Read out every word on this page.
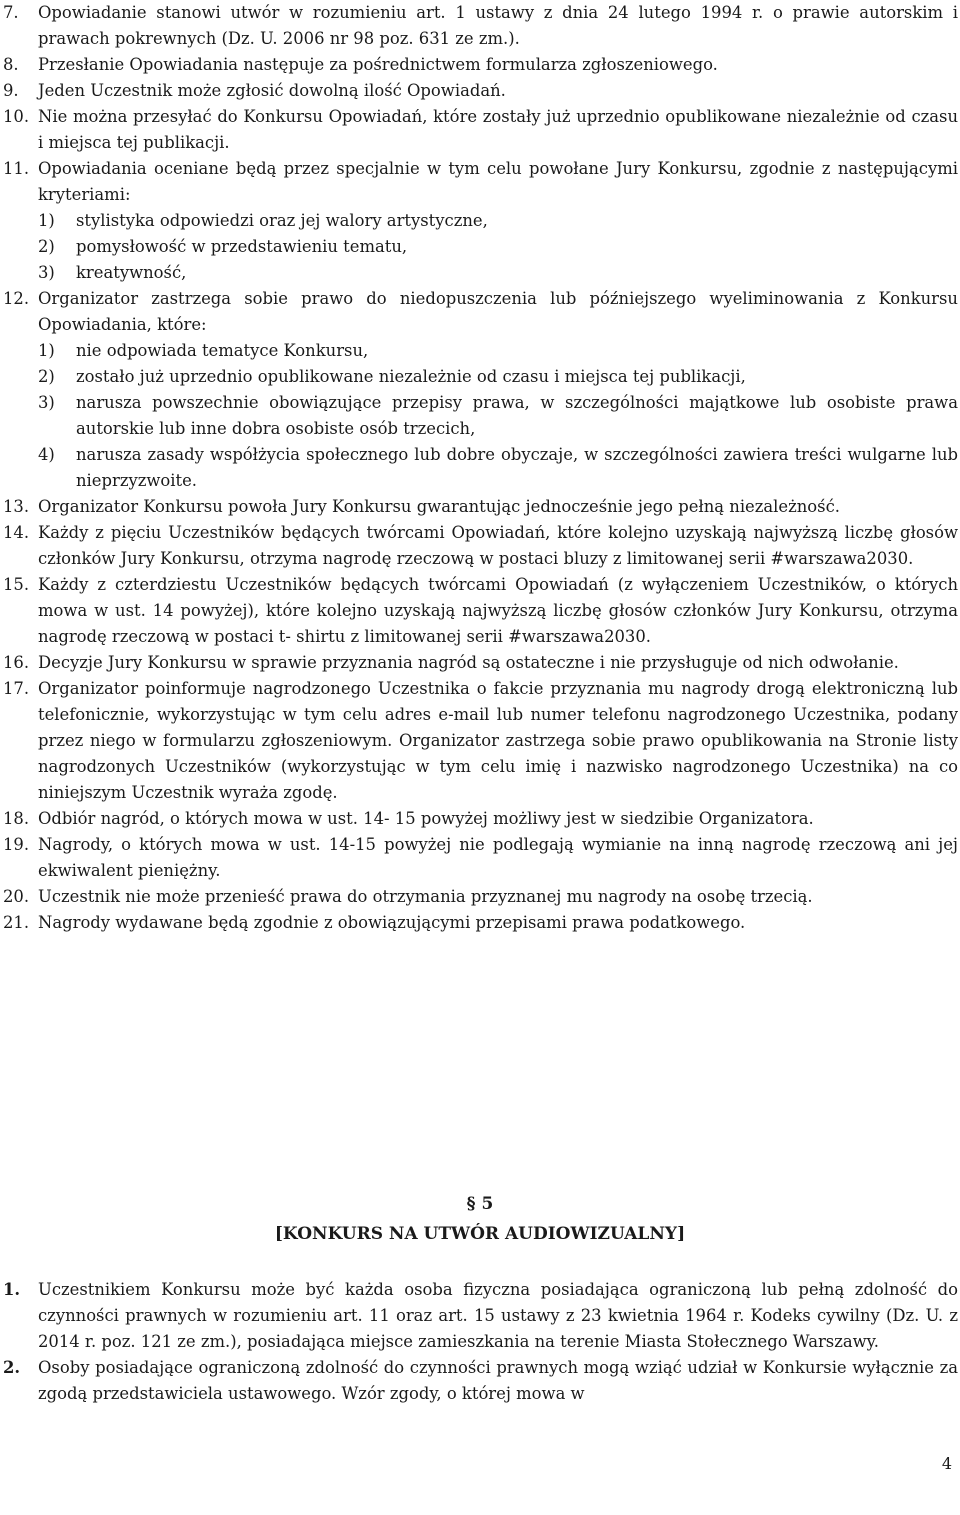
7. Opowiadanie stanowi utwór w rozumieniu art. 1 ustawy z dnia 24 lutego 1994 r. o prawie autorskim i prawach pokrewnych (Dz. U. 2006 nr 98 poz. 631 ze zm.).
8. Przesłanie Opowiadania następuje za pośrednictwem formularza zgłoszeniowego.
9. Jeden Uczestnik może zgłosić dowolną ilość Opowiadań.
10. Nie można przesyłać do Konkursu Opowiadań, które zostały już uprzednio opublikowane niezależnie od czasu i miejsca tej publikacji.
11. Opowiadania oceniane będą przez specjalnie w tym celu powołane Jury Konkursu, zgodnie z następującymi kryteriami:
1) stylistyka odpowiedzi oraz jej walory artystyczne,
2) pomysłowość w przedstawieniu tematu,
3) kreatywność,
12. Organizator zastrzega sobie prawo do niedopuszczenia lub późniejszego wyeliminowania z Konkursu Opowiadania, które:
1) nie odpowiada tematyce Konkursu,
2) zostało już uprzednio opublikowane niezależnie od czasu i miejsca tej publikacji,
3) narusza powszechnie obowiązujące przepisy prawa, w szczególności majątkowe lub osobiste prawa autorskie lub inne dobra osobiste osób trzecich,
4) narusza zasady współżycia społecznego lub dobre obyczaje, w szczególności zawiera treści wulgarne lub nieprzyzwoite.
13. Organizator Konkursu powoła Jury Konkursu gwarantując jednocześnie jego pełną niezależność.
14. Każdy z pięciu Uczestników będących twórcami Opowiadań, które kolejno uzyskają najwyższą liczbę głosów członków Jury Konkursu, otrzyma nagrodę rzeczową w postaci bluzy z limitowanej serii #warszawa2030.
15. Każdy z czterdziestu Uczestników będących twórcami Opowiadań (z wyłączeniem Uczestników, o których mowa w ust. 14 powyżej), które kolejno uzyskają najwyższą liczbę głosów członków Jury Konkursu, otrzyma nagrodę rzeczową w postaci t- shirtu z limitowanej serii #warszawa2030.
16. Decyzje Jury Konkursu w sprawie przyznania nagród są ostateczne i nie przysługuje od nich odwołanie.
17. Organizator poinformuje nagrodzonego Uczestnika o fakcie przyznania mu nagrody drogą elektroniczną lub telefonicznie, wykorzystując w tym celu adres e-mail lub numer telefonu nagrodzonego Uczestnika, podany przez niego w formularzu zgłoszeniowym. Organizator zastrzega sobie prawo opublikowania na Stronie listy nagrodzonych Uczestników (wykorzystując w tym celu imię i nazwisko nagrodzonego Uczestnika) na co niniejszym Uczestnik wyraża zgodę.
18. Odbiór nagród, o których mowa w ust. 14- 15 powyżej możliwy jest w siedzibie Organizatora.
19. Nagrody, o których mowa w ust. 14-15 powyżej nie podlegają wymianie na inną nagrodę rzeczową ani jej ekwiwalent pieniężny.
20. Uczestnik nie może przenieść prawa do otrzymania przyznanej mu nagrody na osobę trzecią.
21. Nagrody wydawane będą zgodnie z obowiązującymi przepisami prawa podatkowego.
§ 5
[KONKURS NA UTWÓR AUDIOWIZUALNY]
1. Uczestnikiem Konkursu może być każda osoba fizyczna posiadająca ograniczoną lub pełną zdolność do czynności prawnych w rozumieniu art. 11 oraz art. 15 ustawy z 23 kwietnia 1964 r. Kodeks cywilny (Dz. U. z 2014 r. poz. 121 ze zm.), posiadająca miejsce zamieszkania na terenie Miasta Stołecznego Warszawy.
2. Osoby posiadające ograniczoną zdolność do czynności prawnych mogą wziąć udział w Konkursie wyłącznie za zgodą przedstawiciela ustawowego. Wzór zgody, o której mowa w
4
